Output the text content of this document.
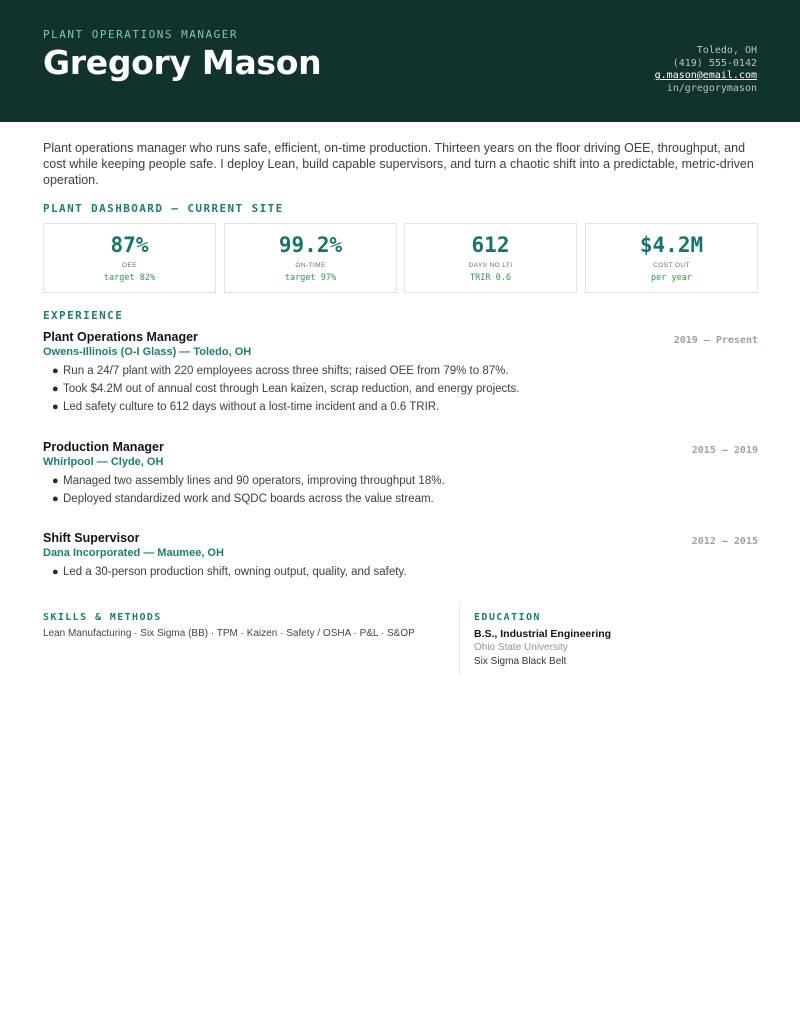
PLANT OPERATIONS MANAGER
Gregory Mason	Toledo, OH
(419) 555-0142
g.mason@email.com
in/gregorymason
Plant operations manager who runs safe, efficient, on-time production. Thirteen years on the floor driving OEE, throughput, and cost while keeping people safe. I deploy Lean, build capable supervisors, and turn a chaotic shift into a predictable, metric-driven operation.
PLANT DASHBOARD — CURRENT SITE
87%
OEE
target 82%
99.2%
ON-TIME
target 97%
612
DAYS NO LTI
TRIR 0.6
$4.2M
COST OUT
per year
EXPERIENCE
Plant Operations Manager
Owens-Illinois (O-I Glass) — Toledo, OH
2019 — Present
● Run a 24/7 plant with 220 employees across three shifts; raised OEE from 79% to 87%.
● Took $4.2M out of annual cost through Lean kaizen, scrap reduction, and energy projects.
● Led safety culture to 612 days without a lost-time incident and a 0.6 TRIR.
Production Manager
Whirlpool — Clyde, OH
2015 — 2019
● Managed two assembly lines and 90 operators, improving throughput 18%.
● Deployed standardized work and SQDC boards across the value stream.
Shift Supervisor
Dana Incorporated — Maumee, OH
2012 — 2015
● Led a 30-person production shift, owning output, quality, and safety.
SKILLS & METHODS
Lean Manufacturing · Six Sigma (BB) · TPM · Kaizen · Safety / OSHA · P&L · S&OP
EDUCATION
B.S., Industrial Engineering
Ohio State University
Six Sigma Black Belt
